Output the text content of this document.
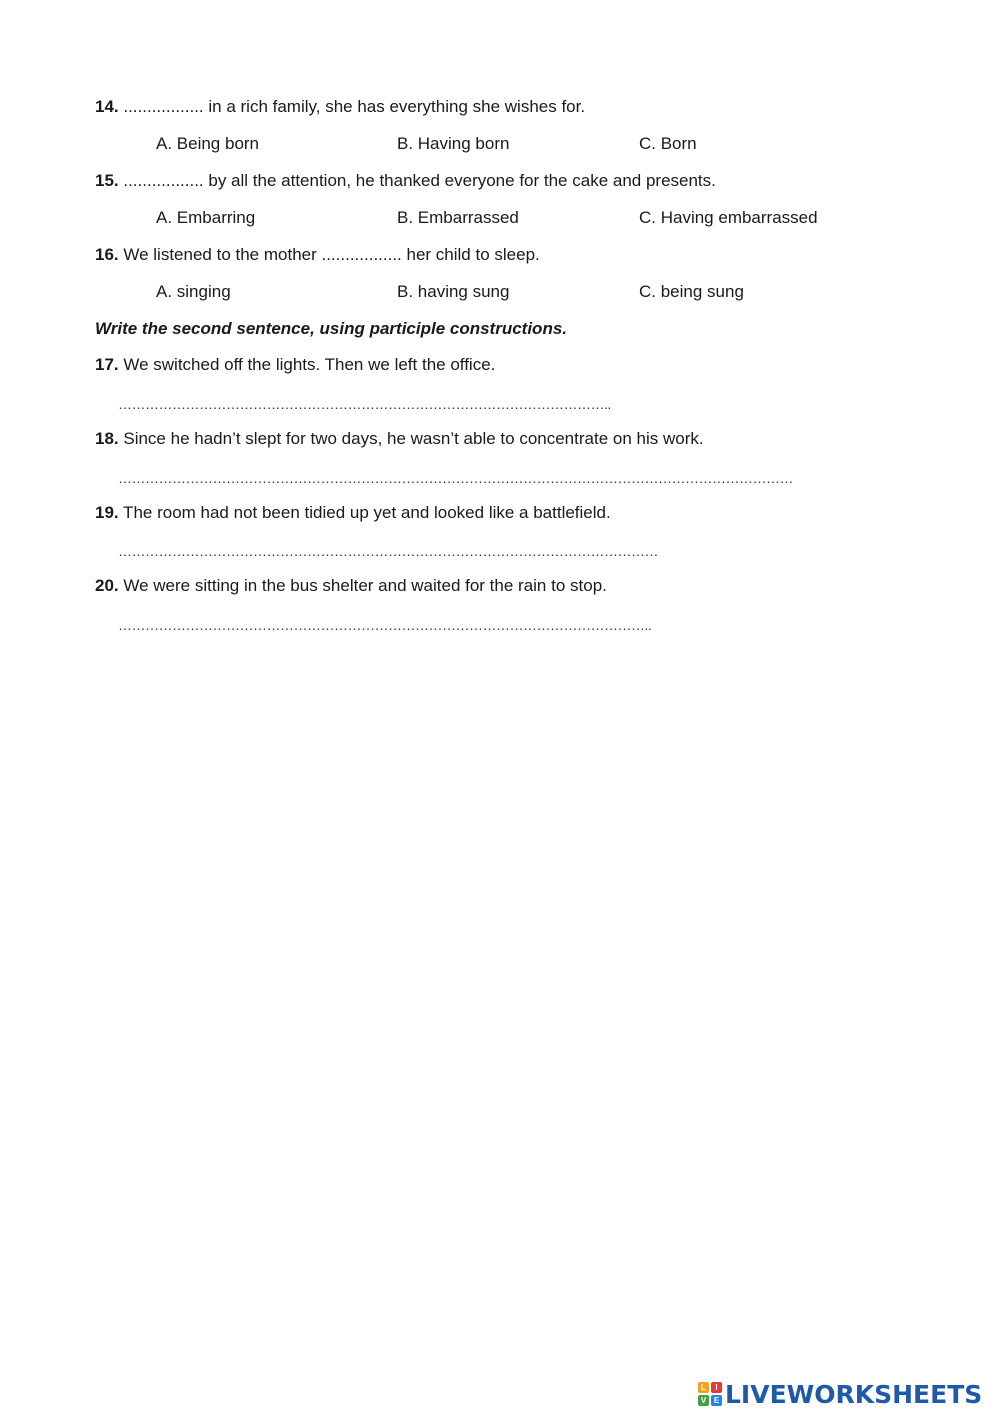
14. ................. in a rich family, she has everything she wishes for.
A. Being born	B. Having born	C. Born
15. ................. by all the attention, he thanked everyone for the cake and presents.
A. Embarring	B. Embarrassed	C. Having embarrassed
16. We listened to the mother ................. her child to sleep.
A. singing	B. having sung	C. being sung
Write the second sentence, using participle constructions.
17. We switched off the lights. Then we left the office.
………………………………………………………………………………………………..
18. Since he hadn’t slept for two days, he wasn’t able to concentrate on his work.
……………………………………………………………………………………………………………………………………
19. The room had not been tidied up yet and looked like a battlefield.
…………………………………………………………………………………………………………
20. We were sitting in the bus shelter and waited for the rain to stop.
………………………………………………………………………………………………………..
L	I
V E LIVEWORKSHEETS
